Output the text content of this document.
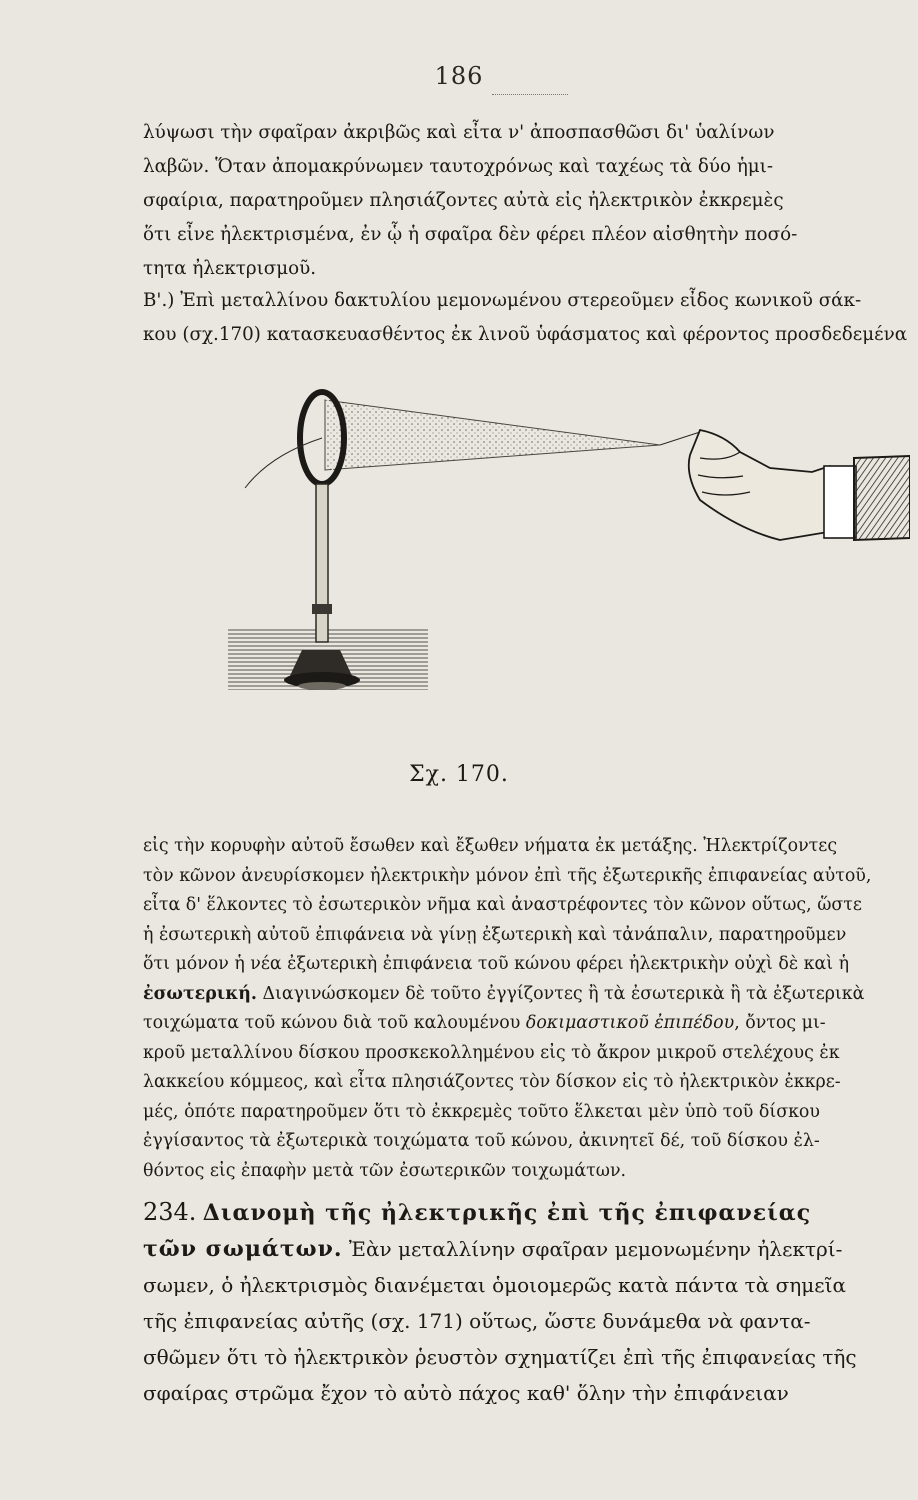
186
λύψωσι τὴν σφαῖραν ἀκριβῶς καὶ εἶτα ν' ἀποσπασθῶσι δι' ὑαλίνων
λαβῶν. Ὅταν ἀπομακρύνωμεν ταυτοχρόνως καὶ ταχέως τὰ δύο ἡμι-
σφαίρια, παρατηροῦμεν πλησιάζοντες αὐτὰ εἰς ἠλεκτρικὸν ἐκκρεμὲς
ὅτι εἶνε ἠλεκτρισμένα, ἐν ᾧ ἡ σφαῖρα δὲν φέρει πλέον αἰσθητὴν ποσό-
τητα ἠλεκτρισμοῦ.
Β'.) Ἐπὶ μεταλλίνου δακτυλίου μεμονωμένου στερεοῦμεν εἶδος κωνικοῦ σάκ-
κου (σχ.170) κατασκευασθέντος ἐκ λινοῦ ὑφάσματος καὶ φέροντος προσδεδεμένα
Σχ. 170.
εἰς τὴν κορυφὴν αὐτοῦ ἔσωθεν καὶ ἔξωθεν νήματα ἐκ μετάξης. Ἠλεκτρίζοντες
τὸν κῶνον ἀνευρίσκομεν ἠλεκτρικὴν μόνον ἐπὶ τῆς ἐξωτερικῆς ἐπιφανείας αὐτοῦ,
εἶτα δ' ἕλκοντες τὸ ἐσωτερικὸν νῆμα καὶ ἀναστρέφοντες τὸν κῶνον οὕτως, ὥστε
ἡ ἐσωτερικὴ αὐτοῦ ἐπιφάνεια νὰ γίνῃ ἐξωτερικὴ καὶ τἀνάπαλιν, παρατηροῦμεν
ὅτι μόνον ἡ νέα ἐξωτερικὴ ἐπιφάνεια τοῦ κώνου φέρει ἠλεκτρικὴν οὐχὶ δὲ καὶ ἡ
ἐσωτερική. Διαγινώσκομεν δὲ τοῦτο ἐγγίζοντες ἢ τὰ ἐσωτερικὰ ἢ τὰ ἐξωτερικὰ
τοιχώματα τοῦ κώνου διὰ τοῦ καλουμένου δοκιμαστικοῦ ἐπιπέδου, ὄντος μι-
κροῦ μεταλλίνου δίσκου προσκεκολλημένου εἰς τὸ ἄκρον μικροῦ στελέχους ἐκ
λακκείου κόμμεος, καὶ εἶτα πλησιάζοντες τὸν δίσκον εἰς τὸ ἠλεκτρικὸν ἐκκρε-
μές, ὁπότε παρατηροῦμεν ὅτι τὸ ἐκκρεμὲς τοῦτο ἕλκεται μὲν ὑπὸ τοῦ δίσκου
ἐγγίσαντος τὰ ἐξωτερικὰ τοιχώματα τοῦ κώνου, ἀκινητεῖ δέ, τοῦ δίσκου ἐλ-
θόντος εἰς ἐπαφὴν μετὰ τῶν ἐσωτερικῶν τοιχωμάτων.
234. Διανομὴ τῆς ἠλεκτρικῆς ἐπὶ τῆς ἐπιφανείας
τῶν σωμάτων. Ἐὰν μεταλλίνην σφαῖραν μεμονωμένην ἠλεκτρί-
σωμεν, ὁ ἠλεκτρισμὸς διανέμεται ὁμοιομερῶς κατὰ πάντα τὰ σημεῖα
τῆς ἐπιφανείας αὐτῆς (σχ. 171) οὕτως, ὥστε δυνάμεθα νὰ φαντα-
σθῶμεν ὅτι τὸ ἠλεκτρικὸν ῥευστὸν σχηματίζει ἐπὶ τῆς ἐπιφανείας τῆς
σφαίρας στρῶμα ἔχον τὸ αὐτὸ πάχος καθ' ὅλην τὴν ἐπιφάνειαν
